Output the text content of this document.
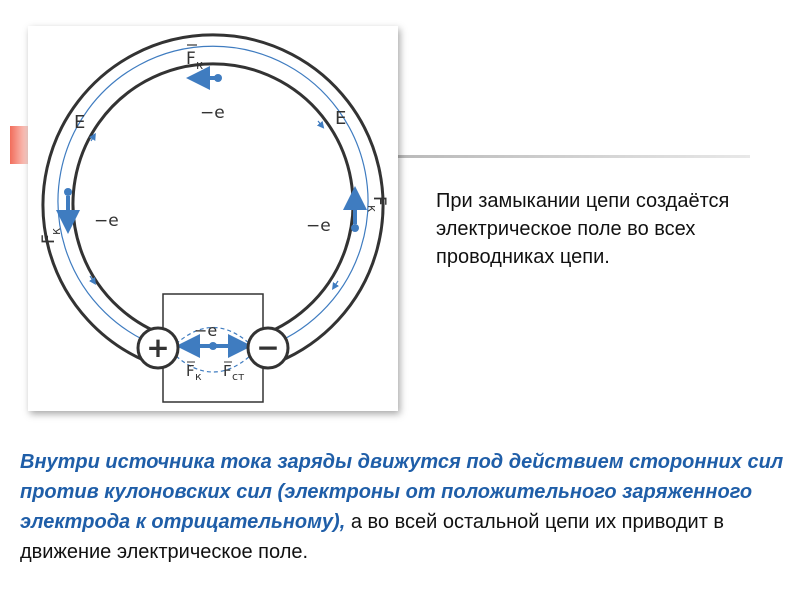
+	−
F к
−e
E	E
−e	−e
F
к
F
к
−e
F к F ст
При замыкании цепи создаётся электрическое поле во всех проводниках цепи.
Внутри источника тока заряды движутся под действием сторонних сил против кулоновских сил (электроны от положительного заряженного электрода к отрицательному), а во всей остальной цепи их приводит в движение электрическое поле.
